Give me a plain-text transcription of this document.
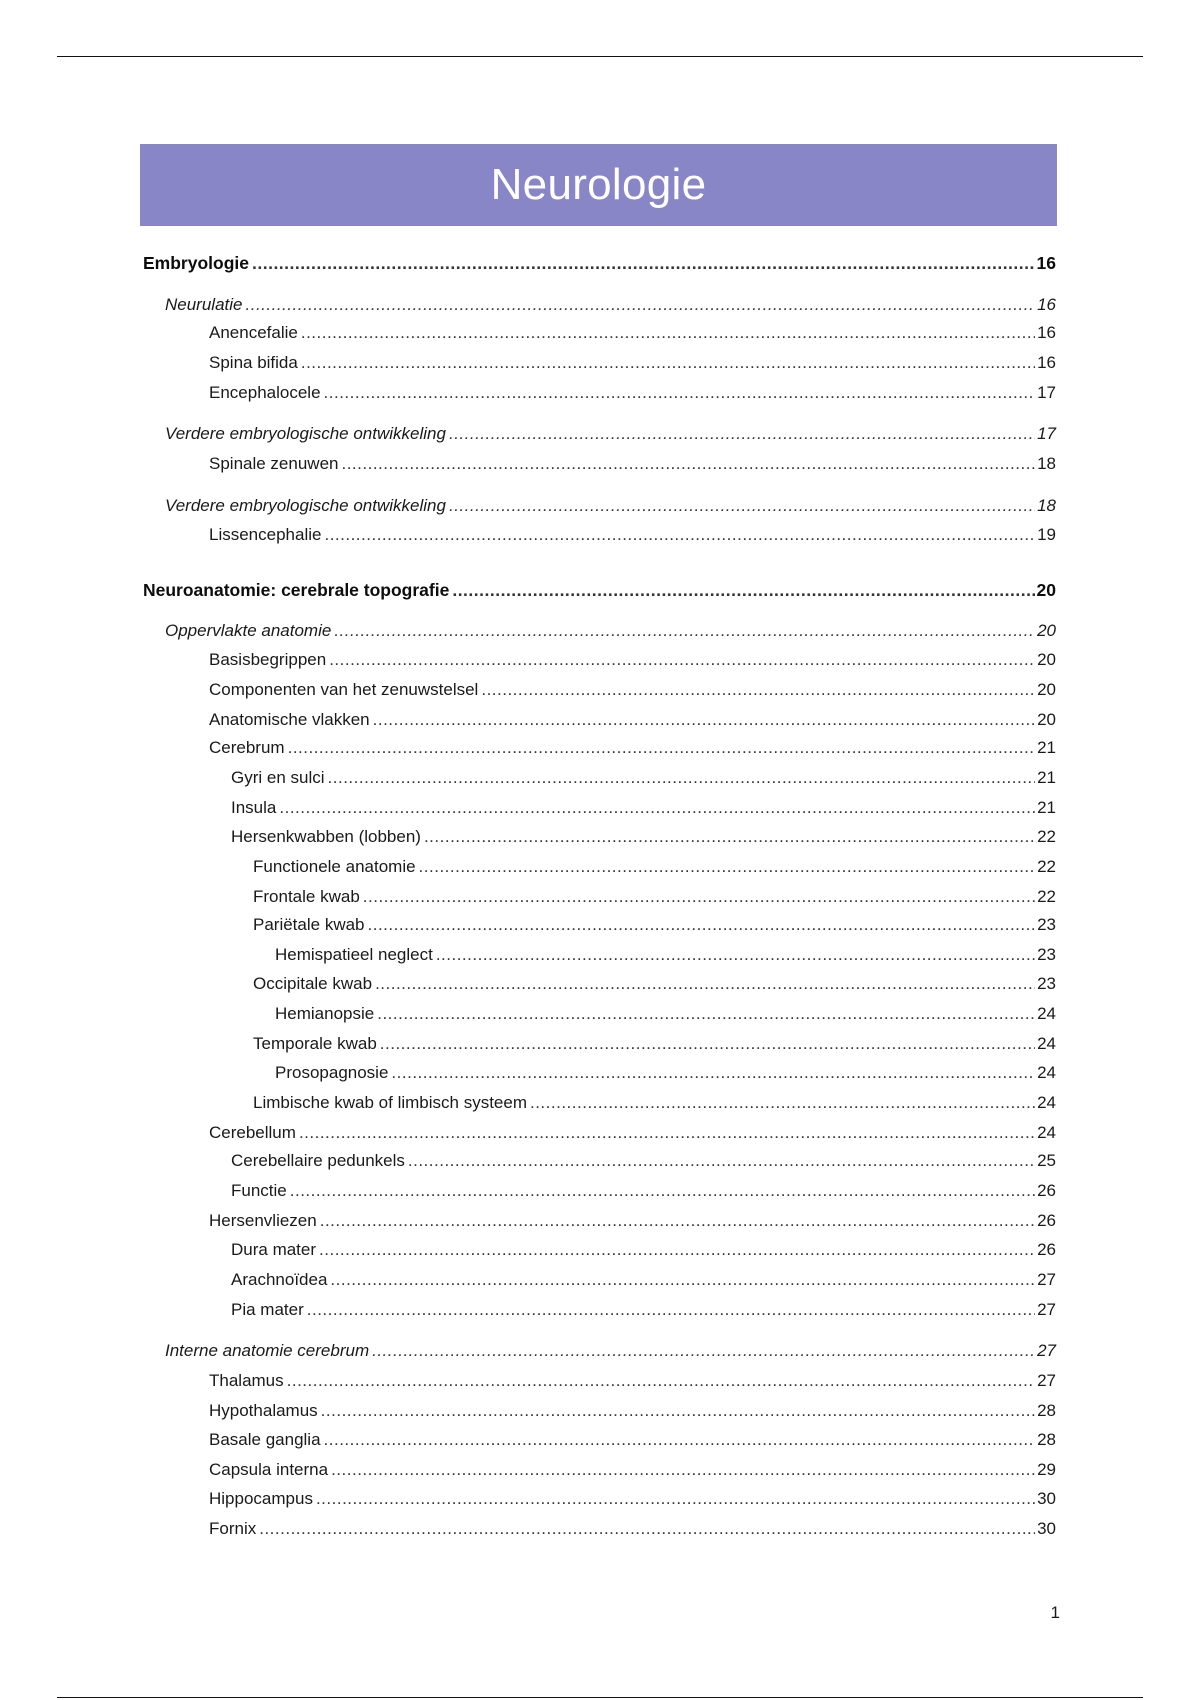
Neurologie
Embryologie .....	16
Neurulatie .....	16
Anencefalie .....	16
Spina bifida .....	16
Encephalocele .....	17
Verdere embryologische ontwikkeling .....	17
Spinale zenuwen .....	18
Verdere embryologische ontwikkeling .....	18
Lissencephalie .....	19
Neuroanatomie: cerebrale topografie .....	20
Oppervlakte anatomie .....	20
Basisbegrippen .....	20
Componenten van het zenuwstelsel .....	20
Anatomische vlakken .....	20
Cerebrum .....	21
Gyri en sulci .....	21
Insula .....	21
Hersenkwabben (lobben) .....	22
Functionele anatomie .....	22
Frontale kwab .....	22
Pariëtale kwab .....	23
Hemispatieel neglect .....	23
Occipitale kwab .....	23
Hemianopsie .....	24
Temporale kwab .....	24
Prosopagnosie .....	24
Limbische kwab of limbisch systeem .....	24
Cerebellum .....	24
Cerebellaire pedunkels .....	25
Functie .....	26
Hersenvliezen .....	26
Dura mater .....	26
Arachnoïdea .....	27
Pia mater .....	27
Interne anatomie cerebrum .....	27
Thalamus .....	27
Hypothalamus .....	28
Basale ganglia .....	28
Capsula interna .....	29
Hippocampus .....	30
Fornix .....	30
1
